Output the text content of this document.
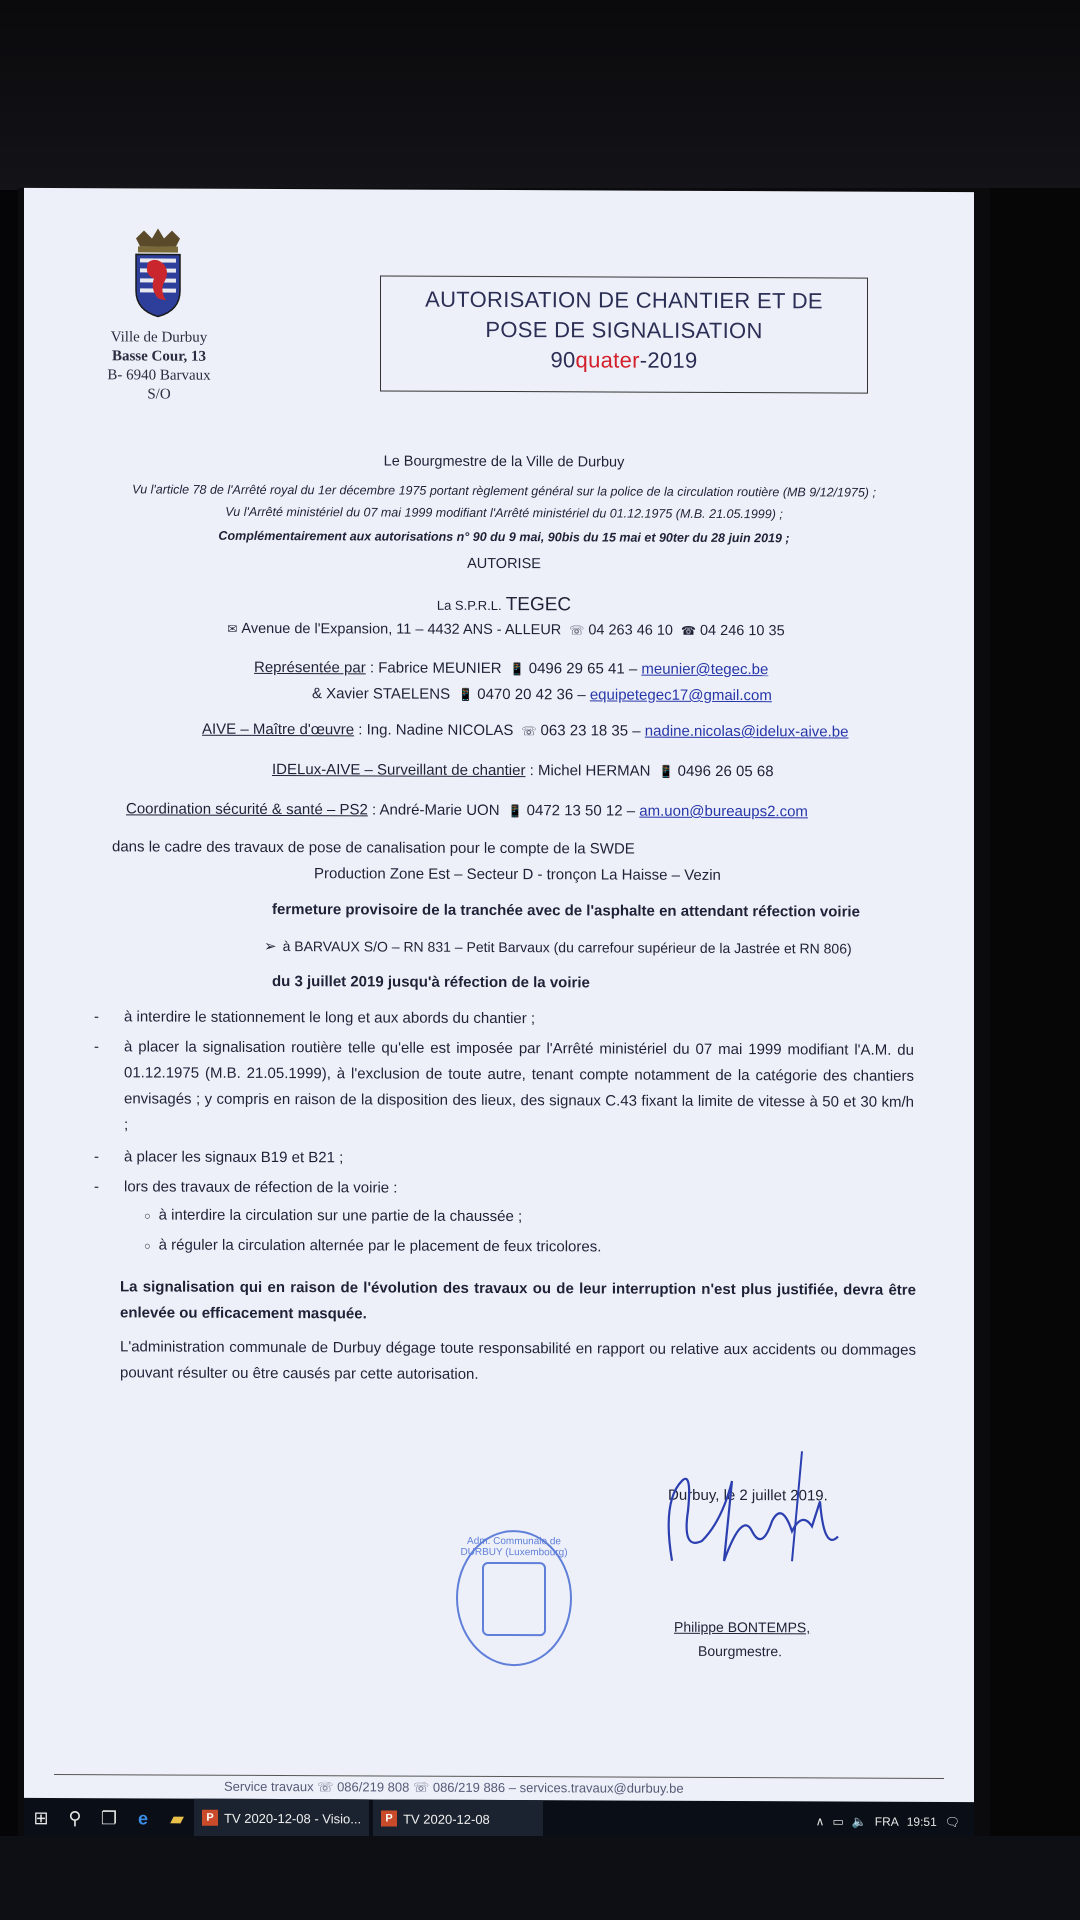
Ville de Durbuy
Basse Cour, 13
B- 6940 Barvaux S/O
AUTORISATION DE CHANTIER ET DE
POSE DE SIGNALISATION
90quater-2019
Le Bourgmestre de la Ville de Durbuy
Vu l'article 78 de l'Arrêté royal du 1er décembre 1975 portant règlement général sur la police de la circulation routière (MB 9/12/1975) ;
Vu l'Arrêté ministériel du 07 mai 1999 modifiant l'Arrêté ministériel du 01.12.1975 (M.B. 21.05.1999) ;
Complémentairement aux autorisations n° 90 du 9 mai, 90bis du 15 mai et 90ter du 28 juin 2019 ;
AUTORISE
La S.P.R.L. TEGEC
✉ Avenue de l'Expansion, 11 – 4432 ANS - ALLEUR ☏ 04 263 46 10 ☎ 04 246 10 35
Représentée par : Fabrice MEUNIER 📱 0496 29 65 41 – meunier@tegec.be
& Xavier STAELENS 📱 0470 20 42 36 – equipetegec17@gmail.com
AIVE – Maître d'œuvre : Ing. Nadine NICOLAS ☏ 063 23 18 35 – nadine.nicolas@idelux-aive.be
IDELux-AIVE – Surveillant de chantier : Michel HERMAN 📱 0496 26 05 68
Coordination sécurité & santé – PS2 : André-Marie UON 📱 0472 13 50 12 – am.uon@bureaups2.com
dans le cadre des travaux de pose de canalisation pour le compte de la SWDE
Production Zone Est – Secteur D - tronçon La Haisse – Vezin
fermeture provisoire de la tranchée avec de l'asphalte en attendant réfection voirie
➢ à BARVAUX S/O – RN 831 – Petit Barvaux (du carrefour supérieur de la Jastrée et RN 806)
du 3 juillet 2019 jusqu'à réfection de la voirie
- à interdire le stationnement le long et aux abords du chantier ;
- à placer la signalisation routière telle qu'elle est imposée par l'Arrêté ministériel du 07 mai 1999 modifiant l'A.M. du 01.12.1975 (M.B. 21.05.1999), à l'exclusion de toute autre, tenant compte notamment de la catégorie des chantiers envisagés ; y compris en raison de la disposition des lieux, des signaux C.43 fixant la limite de vitesse à 50 et 30 km/h ;
- à placer les signaux B19 et B21 ;
- lors des travaux de réfection de la voirie :
○ à interdire la circulation sur une partie de la chaussée ;
○ à réguler la circulation alternée par le placement de feux tricolores.
La signalisation qui en raison de l'évolution des travaux ou de leur interruption n'est plus justifiée, devra être enlevée ou efficacement masquée.
L'administration communale de Durbuy dégage toute responsabilité en rapport ou relative aux accidents ou dommages pouvant résulter ou être causés par cette autorisation.
Durbuy, le 2 juillet 2019.
Philippe BONTEMPS,
Bourgmestre.
Adm. Communale de DURBUY (Luxembourg)
Service travaux ☏ 086/219 808 ☏ 086/219 886 – services.travaux@durbuy.be
⊞	⚲	❐	e	▰	P TV 2020-12-08 - Visio...	P TV 2020-12-08	∧ ▭ 🔈 FRA 19:51 🗨
